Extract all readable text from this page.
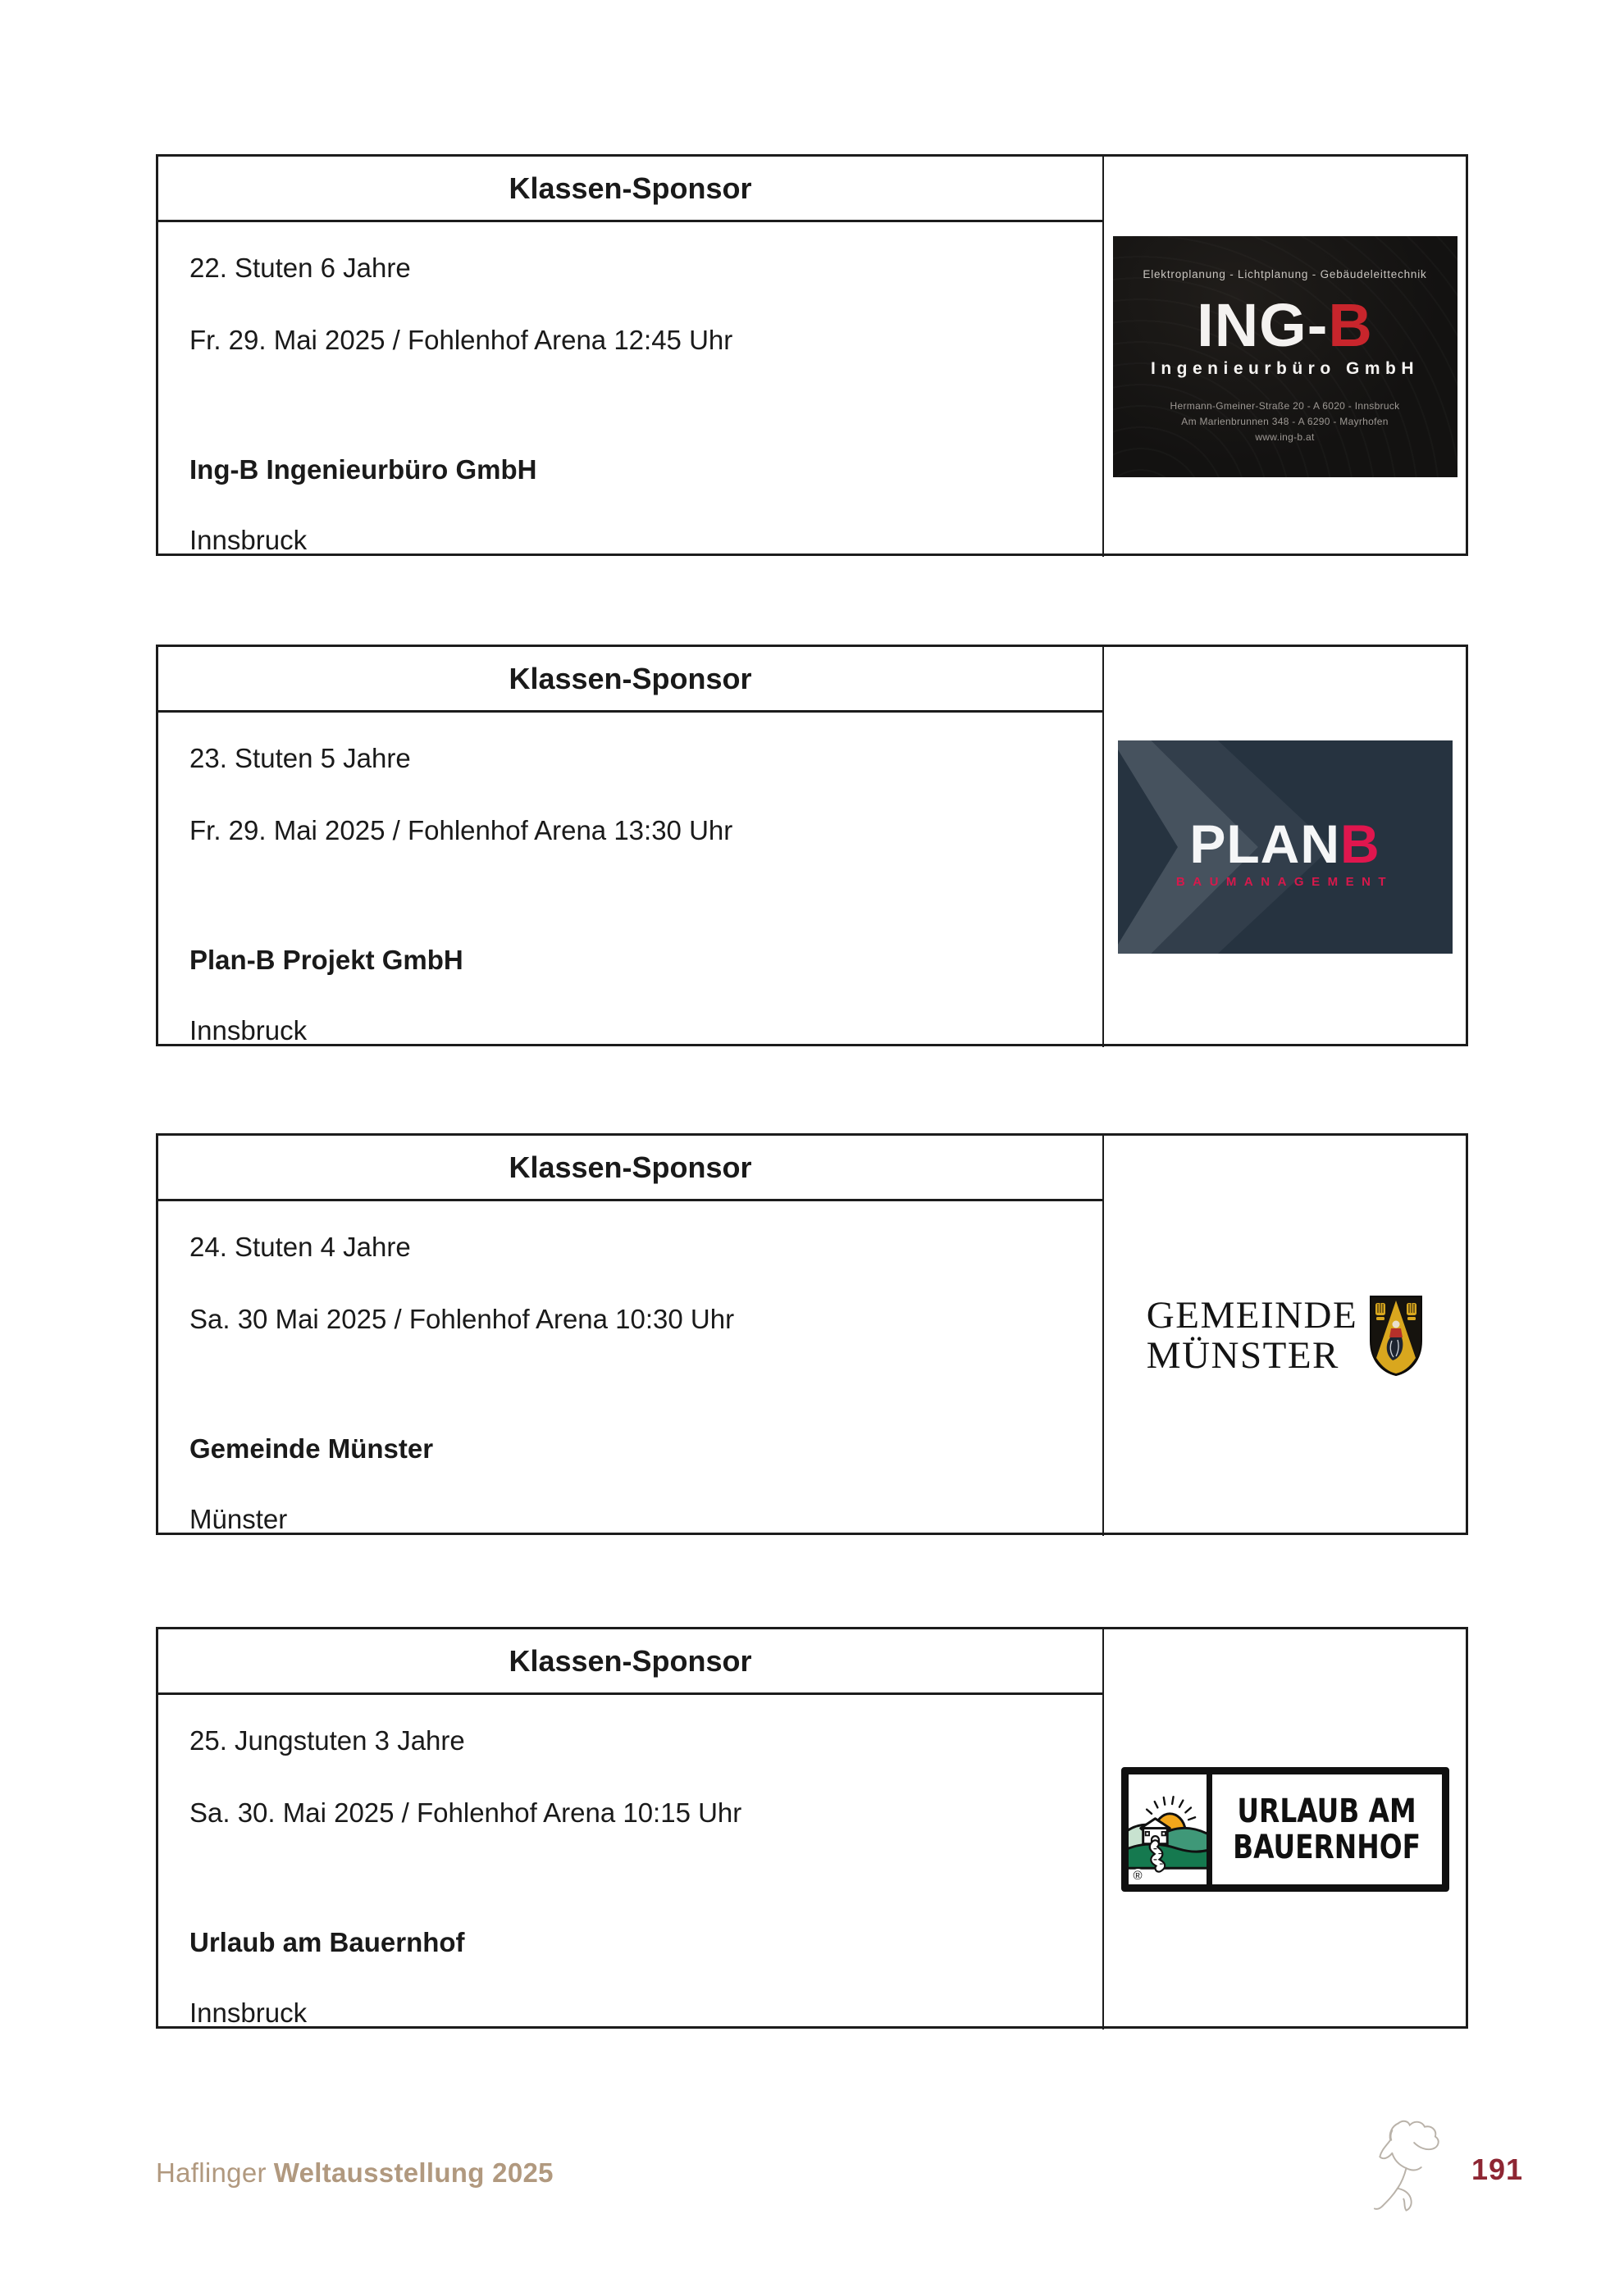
Klassen-Sponsor

22. Stuten 6 Jahre

Fr. 29. Mai 2025 / Fohlenhof Arena 12:45 Uhr

Ing-B Ingenieurbüro GmbH

Innsbruck

Elektroplanung - Lichtplanung - Gebäudeleittechnik
ING-B
Ingenieurbüro GmbH
Hermann-Gmeiner-Straße 20 - A 6020 - Innsbruck
Am Marienbrunnen 348 - A 6290 - Mayrhofen
www.ing-b.at
Klassen-Sponsor

23. Stuten 5 Jahre

Fr. 29. Mai 2025 / Fohlenhof Arena 13:30 Uhr

Plan-B Projekt GmbH

Innsbruck

PLANB
BAUMANAGEMENT
Klassen-Sponsor

24. Stuten 4 Jahre

Sa. 30 Mai 2025 / Fohlenhof Arena 10:30 Uhr

Gemeinde Münster

Münster

GEMEINDE
MÜNSTER
Klassen-Sponsor

25. Jungstuten 3 Jahre

Sa. 30. Mai 2025 / Fohlenhof Arena 10:15 Uhr

Urlaub am Bauernhof

Innsbruck

®
URLAUB AM
BAUERNHOF
Haflinger Weltausstellung 2025	191
